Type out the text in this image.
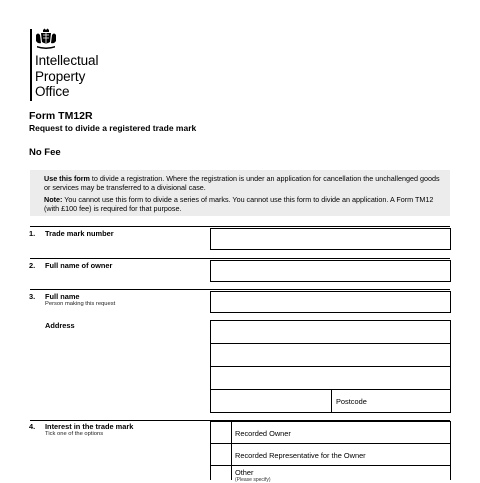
Intellectual
Property
Office
Form TM12R
Request to divide a registered trade mark
No Fee

Use this form to divide a registration. Where the registration is under an application for cancellation the unchallenged goods or services may be transferred to a divisional case.

Note: You cannot use this form to divide a series of marks. You cannot use this form to divide an application. A Form TM12 (with £100 fee) is required for that purpose.

1. Trade mark number
2. Full name of owner
3. Full name
Person making this request
Address
Postcode
4. Interest in the trade mark
Tick one of the options	Recorded Owner
Recorded Representative for the Owner
Other
(Please specify)
